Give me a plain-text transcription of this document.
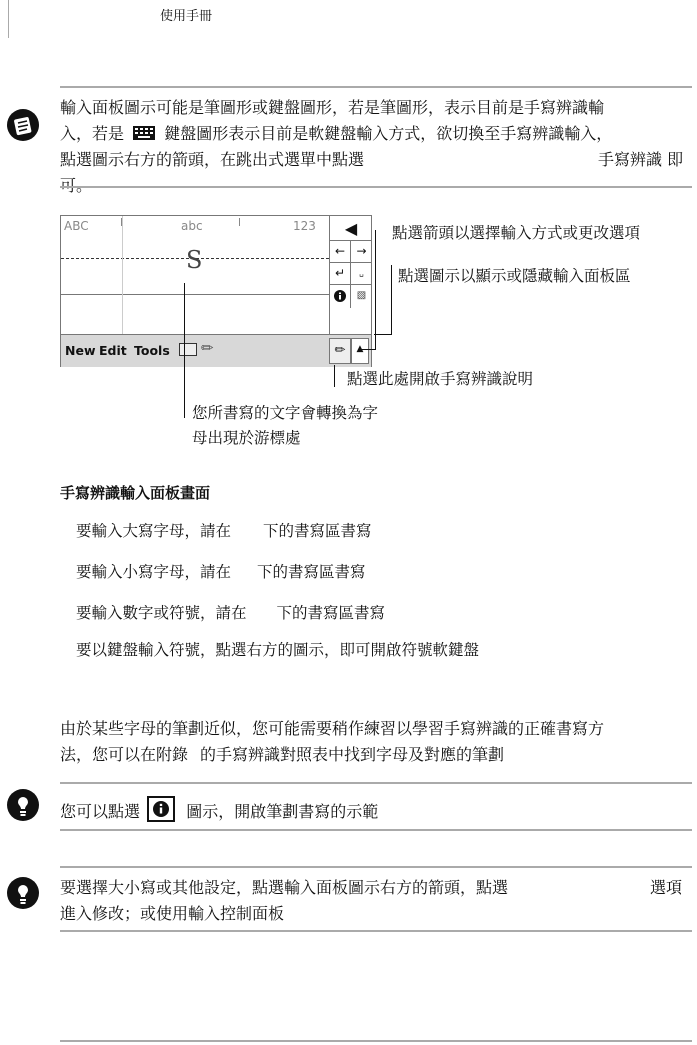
使用手冊
輸入面板圖示可能是筆圖形或鍵盤圖形，若是筆圖形，表示目前是手寫辨識輸
入，若是	鍵盤圖形表示目前是軟鍵盤輸入方式，欲切換至手寫辨識輸入，
點選圖示右方的箭頭，在跳出式選單中點選	手寫辨識 即
ABC	abc	123
S
◀
← →
↵	␣
▧
New Edit Tools ✏	✏
點選箭頭以選擇輸入方式或更改選項
點選圖示以顯示或隱藏輸入面板區
點選此處開啟手寫辨識說明
您所書寫的文字會轉換為字
母出現於游標處
手寫辨識輸入面板畫面
要輸入大寫字母，請在 下的書寫區書寫
要輸入小寫字母，請在 下的書寫區書寫
要輸入數字或符號，請在 下的書寫區書寫
要以鍵盤輸入符號，點選右方的圖示，即可開啟符號軟鍵盤
由於某些字母的筆劃近似，您可能需要稍作練習以學習手寫辨識的正確書寫方
法，您可以在附錄 的手寫辨識對照表中找到字母及對應的筆劃
您可以點選	圖示，開啟筆劃書寫的示範
要選擇大小寫或其他設定，點選輸入面板圖示右方的箭頭，點選	選項
進入修改；或使用輸入控制面板
